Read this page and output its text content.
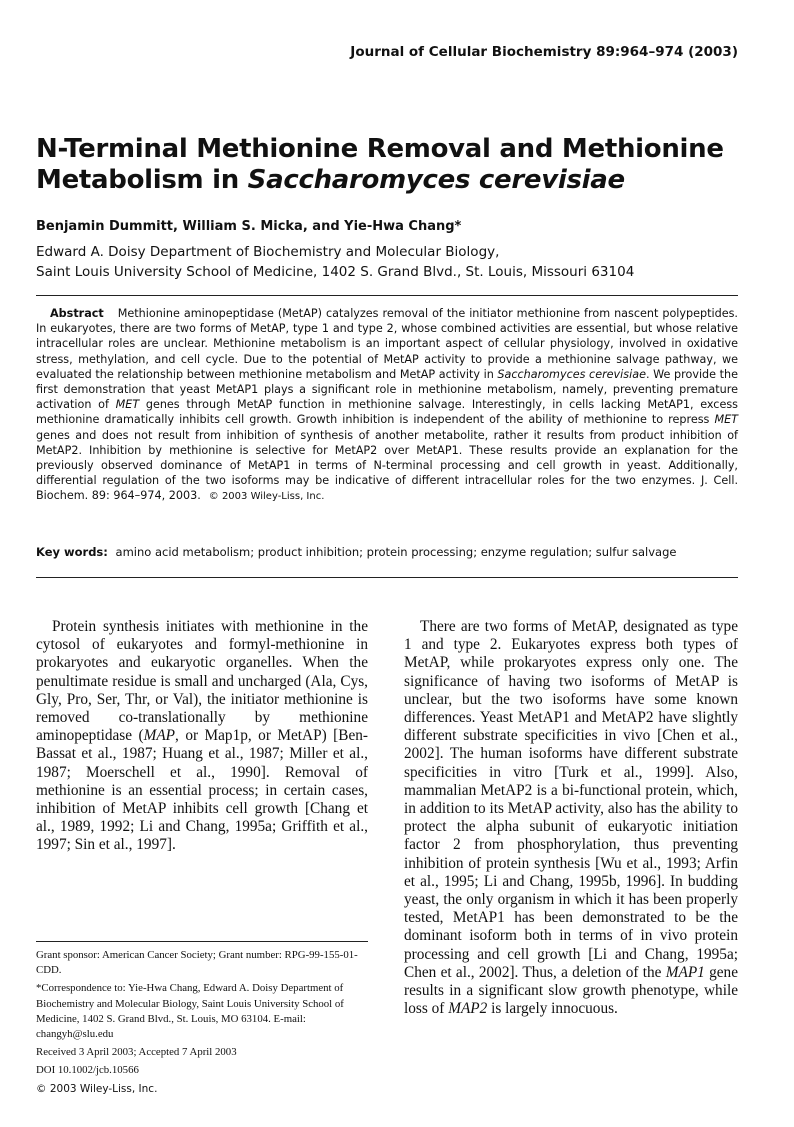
Journal of Cellular Biochemistry 89:964–974 (2003)
N-Terminal Methionine Removal and Methionine
Metabolism in Saccharomyces cerevisiae
Benjamin Dummitt, William S. Micka, and Yie-Hwa Chang*
Edward A. Doisy Department of Biochemistry and Molecular Biology,
Saint Louis University School of Medicine, 1402 S. Grand Blvd., St. Louis, Missouri 63104
Abstract Methionine aminopeptidase (MetAP) catalyzes removal of the initiator methionine from nascent polypeptides. In eukaryotes, there are two forms of MetAP, type 1 and type 2, whose combined activities are essential, but whose relative intracellular roles are unclear. Methionine metabolism is an important aspect of cellular physiology, involved in oxidative stress, methylation, and cell cycle. Due to the potential of MetAP activity to provide a methionine salvage pathway, we evaluated the relationship between methionine metabolism and MetAP activity in Saccharomyces cerevisiae. We provide the first demonstration that yeast MetAP1 plays a significant role in methionine metabolism, namely, preventing premature activation of MET genes through MetAP function in methionine salvage. Interestingly, in cells lacking MetAP1, excess methionine dramatically inhibits cell growth. Growth inhibition is independent of the ability of methionine to repress MET genes and does not result from inhibition of synthesis of another metabolite, rather it results from product inhibition of MetAP2. Inhibition by methionine is selective for MetAP2 over MetAP1. These results provide an explanation for the previously observed dominance of MetAP1 in terms of N-terminal processing and cell growth in yeast. Additionally, differential regulation of the two isoforms may be indicative of different intracellular roles for the two enzymes. J. Cell. Biochem. 89: 964–974, 2003. © 2003 Wiley-Liss, Inc.
Key words: amino acid metabolism; product inhibition; protein processing; enzyme regulation; sulfur salvage

Protein synthesis initiates with methionine in the cytosol of eukaryotes and formyl-methionine in prokaryotes and eukaryotic organelles. When the penultimate residue is small and uncharged (Ala, Cys, Gly, Pro, Ser, Thr, or Val), the initiator methionine is removed co-translationally by methionine aminopeptidase (MAP, or Map1p, or MetAP) [Ben-Bassat et al., 1987; Huang et al., 1987; Miller et al., 1987; Moerschell et al., 1990]. Removal of methionine is an essential process; in certain cases, inhibition of MetAP inhibits cell growth [Chang et al., 1989, 1992; Li and Chang, 1995a; Griffith et al., 1997; Sin et al., 1997].

There are two forms of MetAP, designated as type 1 and type 2. Eukaryotes express both types of MetAP, while prokaryotes express only one. The significance of having two isoforms of MetAP is unclear, but the two isoforms have some known differences. Yeast MetAP1 and MetAP2 have slightly different substrate specificities in vivo [Chen et al., 2002]. The human isoforms have different substrate specificities in vitro [Turk et al., 1999]. Also, mammalian MetAP2 is a bi-functional protein, which, in addition to its MetAP activity, also has the ability to protect the alpha subunit of eukaryotic initiation factor 2 from phosphorylation, thus preventing inhibition of protein synthesis [Wu et al., 1993; Arfin et al., 1995; Li and Chang, 1995b, 1996]. In budding yeast, the only organism in which it has been properly tested, MetAP1 has been demonstrated to be the dominant isoform both in terms of in vivo protein processing and cell growth [Li and Chang, 1995a; Chen et al., 2002]. Thus, a deletion of the MAP1 gene results in a significant slow growth phenotype, while loss of MAP2 is largely innocuous.

Grant sponsor: American Cancer Society; Grant number: RPG-99-155-01-CDD.

*Correspondence to: Yie-Hwa Chang, Edward A. Doisy Department of Biochemistry and Molecular Biology, Saint Louis University School of Medicine, 1402 S. Grand Blvd., St. Louis, MO 63104. E-mail: changyh@slu.edu

Received 3 April 2003; Accepted 7 April 2003

DOI 10.1002/jcb.10566

© 2003 Wiley-Liss, Inc.
